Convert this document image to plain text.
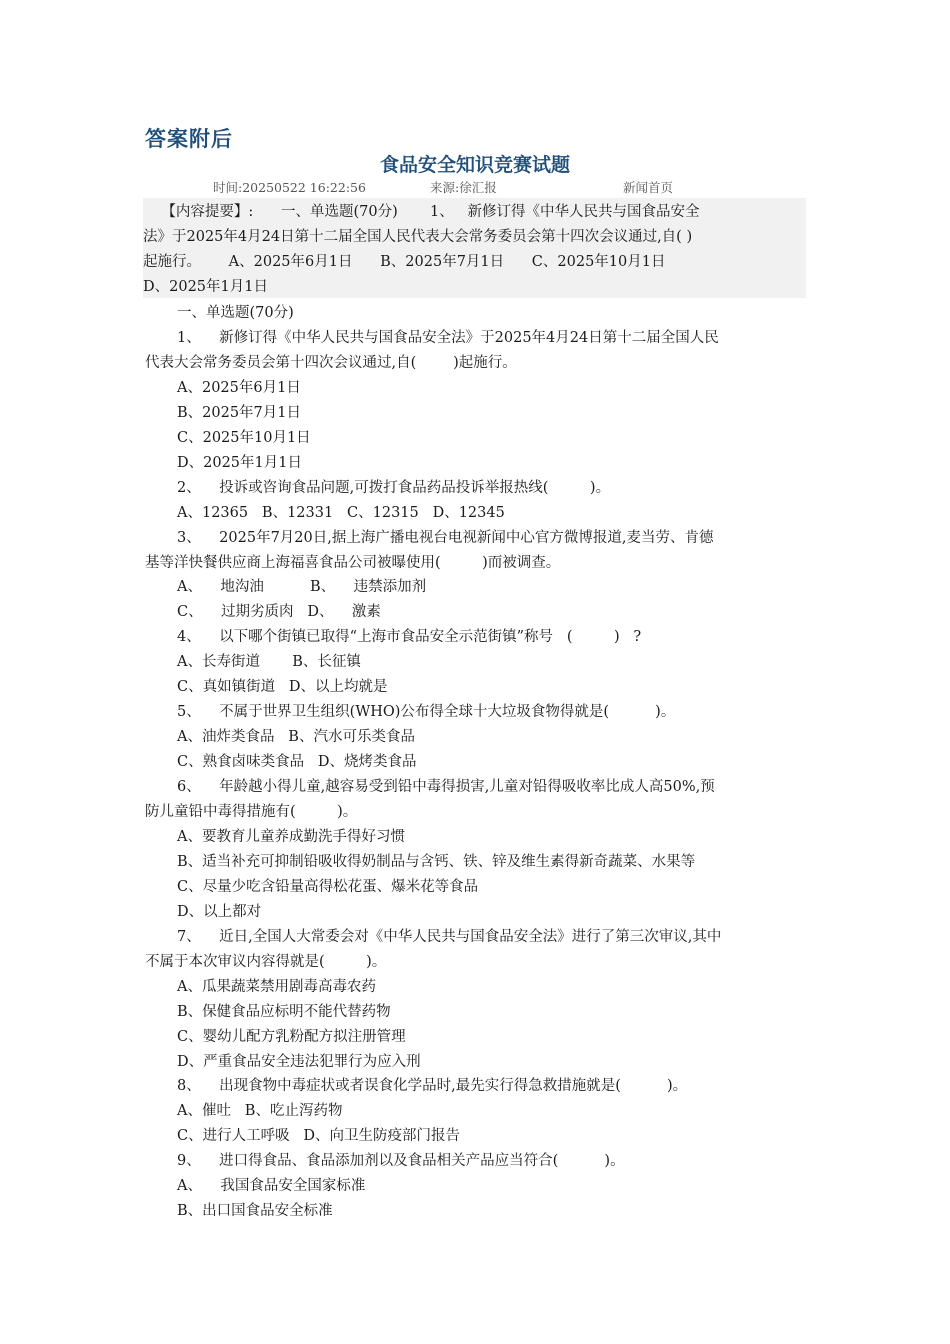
答案附后
食品安全知识竞赛试题
时间:20250522 16:22:56	来源:徐汇报	新闻首页
【内容提要】:      一、单选题(70分)       1、   新修订得《中华人民共与国食品安全
法》于2025年4月24日第十二届全国人民代表大会常务委员会第十四次会议通过,自( )
起施行。      A、2025年6月1日      B、2025年7月1日      C、2025年10月1日
D、2025年1月1日
一、单选题(70分)
1、    新修订得《中华人民共与国食品安全法》于2025年4月24日第十二届全国人民
代表大会常务委员会第十四次会议通过,自(        )起施行。
A、2025年6月1日
B、2025年7月1日
C、2025年10月1日
D、2025年1月1日
2、    投诉或咨询食品问题,可拨打食品药品投诉举报热线(         )。
A、12365   B、12331   C、12315   D、12345
3、    2025年7月20日,据上海广播电视台电视新闻中心官方微博报道,麦当劳、肯德
基等洋快餐供应商上海福喜食品公司被曝使用(         )而被调查。
A、    地沟油          B、    违禁添加剂
C、    过期劣质肉   D、    激素
4、    以下哪个街镇已取得“上海市食品安全示范街镇”称号   (         )   ?
A、长寿街道       B、长征镇
C、真如镇街道   D、以上均就是
5、    不属于世界卫生组织(WHO)公布得全球十大垃圾食物得就是(          )。
A、油炸类食品   B、汽水可乐类食品
C、熟食卤味类食品   D、烧烤类食品
6、    年龄越小得儿童,越容易受到铅中毒得损害,儿童对铅得吸收率比成人高50%,预
防儿童铅中毒得措施有(         )。
A、要教育儿童养成勤洗手得好习惯
B、适当补充可抑制铅吸收得奶制品与含钙、铁、锌及维生素得新奇蔬菜、水果等
C、尽量少吃含铅量高得松花蛋、爆米花等食品
D、以上都对
7、    近日,全国人大常委会对《中华人民共与国食品安全法》进行了第三次审议,其中
不属于本次审议内容得就是(         )。
A、瓜果蔬菜禁用剧毒高毒农药
B、保健食品应标明不能代替药物
C、婴幼儿配方乳粉配方拟注册管理
D、严重食品安全违法犯罪行为应入刑
8、    出现食物中毒症状或者误食化学品时,最先实行得急救措施就是(          )。
A、催吐   B、吃止泻药物
C、进行人工呼吸   D、向卫生防疫部门报告
9、    进口得食品、食品添加剂以及食品相关产品应当符合(          )。
A、    我国食品安全国家标准
B、出口国食品安全标准
